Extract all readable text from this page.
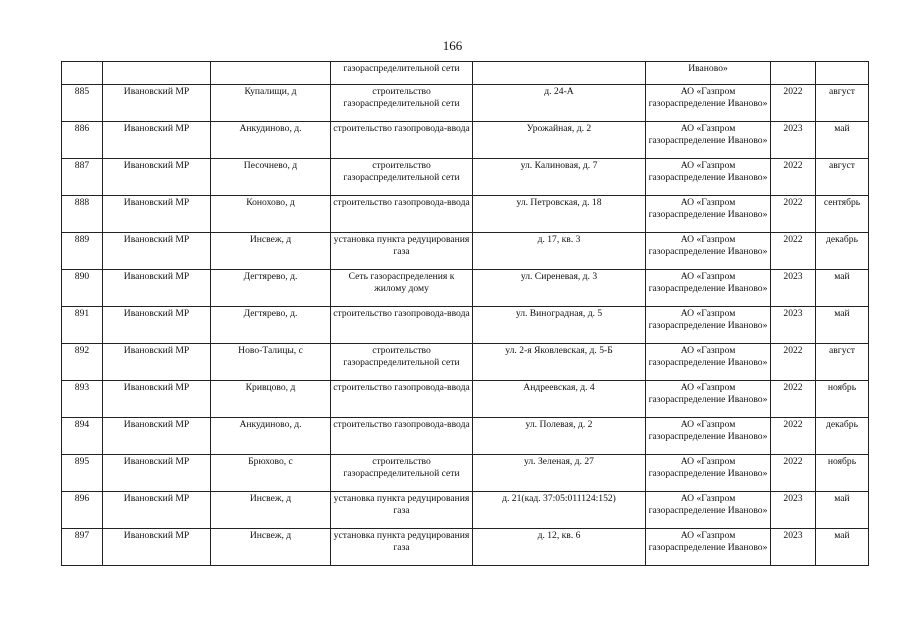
166
			газораспределительной сети		Иваново»		
885	Ивановский МР	Купалищи, д	строительство газораспределительной сети	д. 24-А	АО «Газпром газораспределение Иваново»	2022	август
886	Ивановский МР	Анкудиново, д.	строительство газопровода-ввода	Урожайная, д. 2	АО «Газпром газораспределение Иваново»	2023	май
887	Ивановский МР	Песочнево, д	строительство газораспределительной сети	ул. Калиновая, д. 7	АО «Газпром газораспределение Иваново»	2022	август
888	Ивановский МР	Конохово, д	строительство газопровода-ввода	ул. Петровская, д. 18	АО «Газпром газораспределение Иваново»	2022	сентябрь
889	Ивановский МР	Инсвеж, д	установка пункта редуцирования газа	д. 17, кв. 3	АО «Газпром газораспределение Иваново»	2022	декабрь
890	Ивановский МР	Дегтярево, д.	Сеть газораспределения к жилому дому	ул. Сиреневая, д. 3	АО «Газпром газораспределение Иваново»	2023	май
891	Ивановский МР	Дегтярево, д.	строительство газопровода-ввода	ул. Виноградная, д. 5	АО «Газпром газораспределение Иваново»	2023	май
892	Ивановский МР	Ново-Талицы, с	строительство газораспределительной сети	ул. 2-я Яковлевская, д. 5-Б	АО «Газпром газораспределение Иваново»	2022	август
893	Ивановский МР	Кривцово, д	строительство газопровода-ввода	Андреевская, д. 4	АО «Газпром газораспределение Иваново»	2022	ноябрь
894	Ивановский МР	Анкудиново, д.	строительство газопровода-ввода	ул. Полевая, д. 2	АО «Газпром газораспределение Иваново»	2022	декабрь
895	Ивановский МР	Брюхово, с	строительство газораспределительной сети	ул. Зеленая, д. 27	АО «Газпром газораспределение Иваново»	2022	ноябрь
896	Ивановский МР	Инсвеж, д	установка пункта редуцирования газа	д. 21(кад. 37:05:011124:152)	АО «Газпром газораспределение Иваново»	2023	май
897	Ивановский МР	Инсвеж, д	установка пункта редуцирования газа	д. 12, кв. 6	АО «Газпром газораспределение Иваново»	2023	май
